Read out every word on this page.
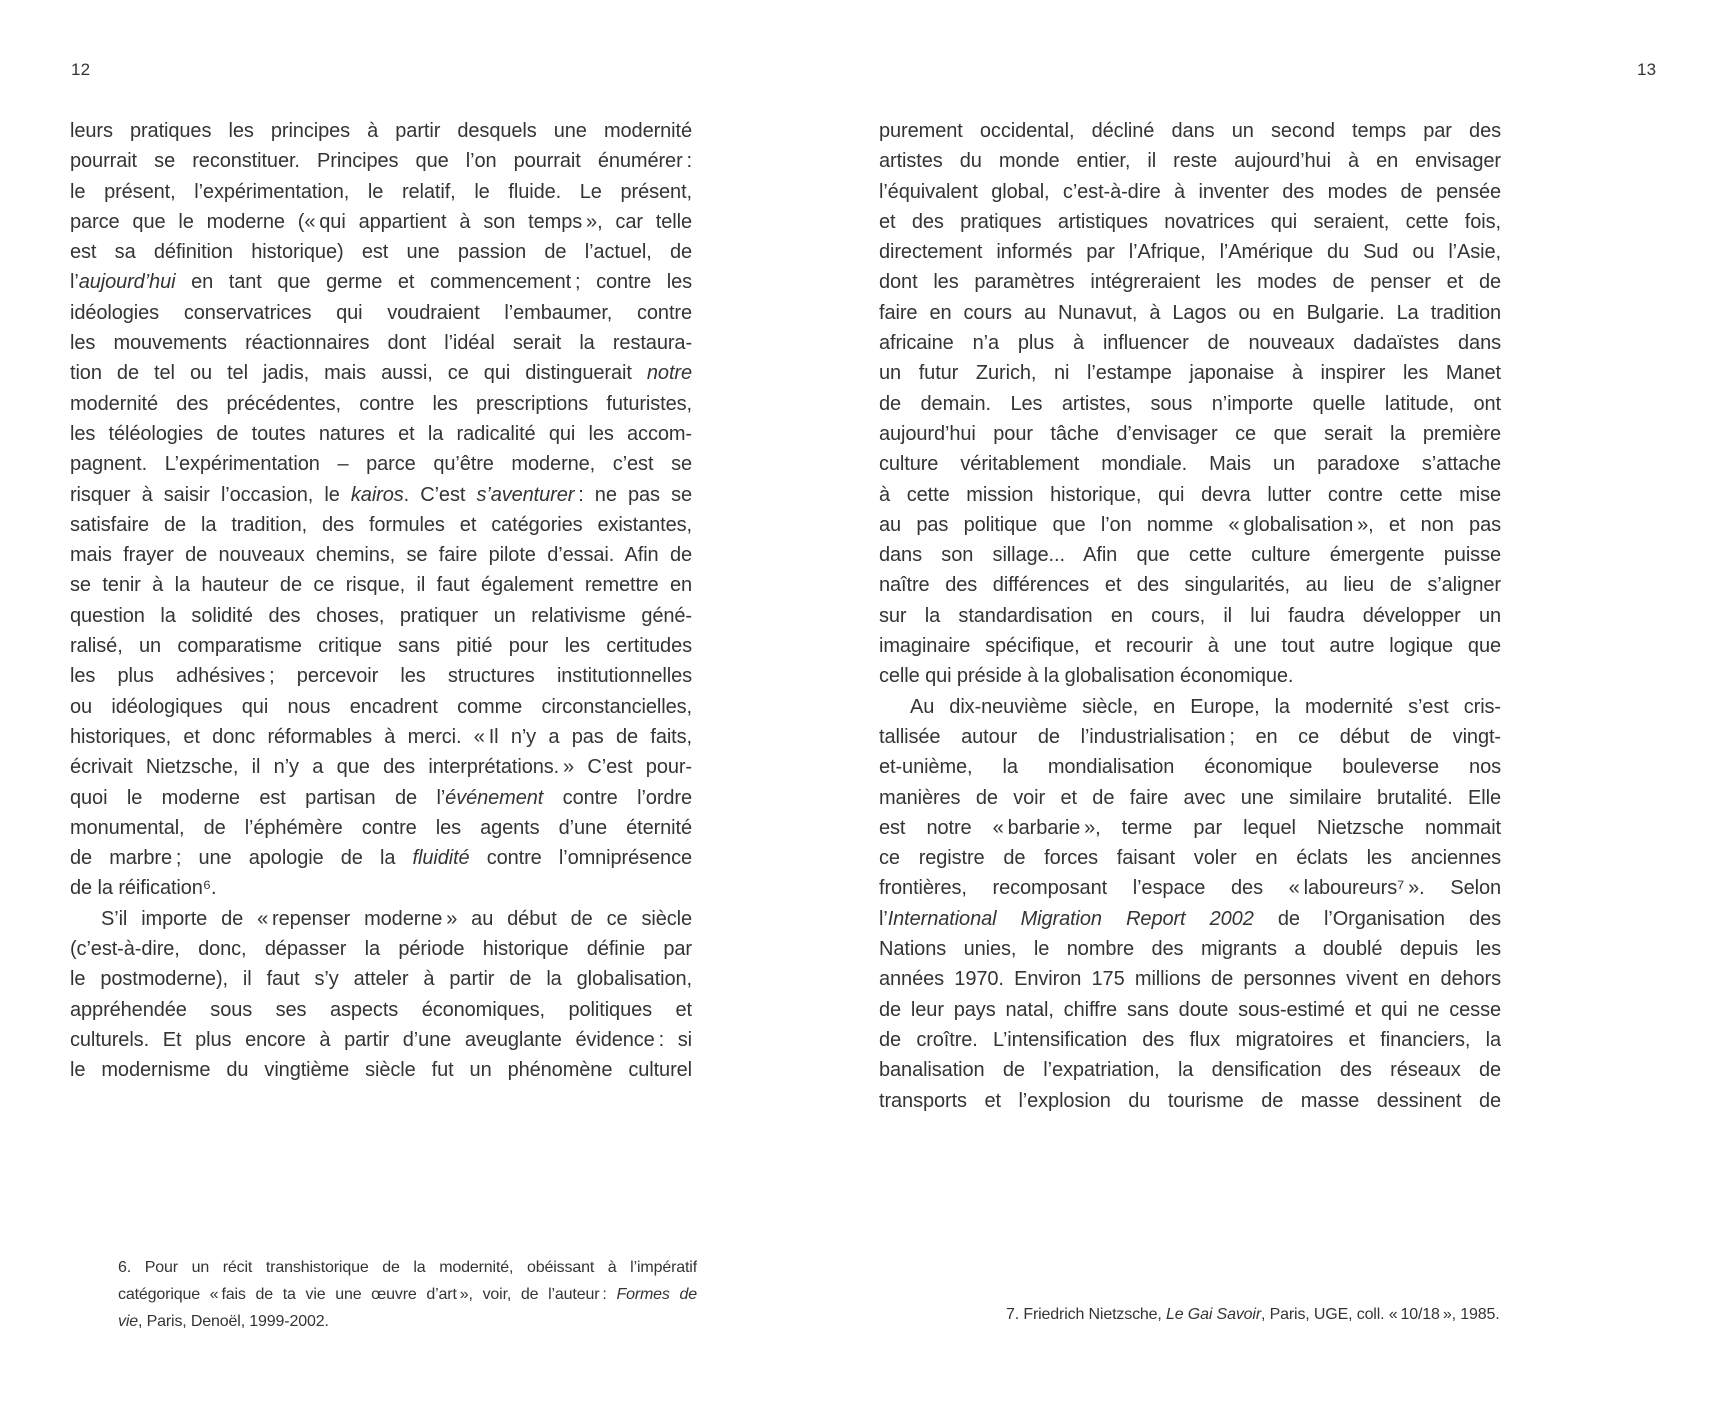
12	13
leurs pratiques les principes à partir desquels une modernité
pourrait se reconstituer. Principes que l’on pourrait énumérer :
le présent, l’expérimentation, le relatif, le fluide. Le présent,
parce que le moderne (« qui appartient à son temps », car telle
est sa définition historique) est une passion de l’actuel, de
l’aujourd’hui en tant que germe et commencement ; contre les
idéologies conservatrices qui voudraient l’embaumer, contre
les mouvements réactionnaires dont l’idéal serait la restaura-
tion de tel ou tel jadis, mais aussi, ce qui distinguerait notre
modernité des précédentes, contre les prescriptions futuristes,
les téléologies de toutes natures et la radicalité qui les accom-
pagnent. L’expérimentation – parce qu’être moderne, c’est se
risquer à saisir l’occasion, le kairos. C’est s’aventurer : ne pas se
satisfaire de la tradition, des formules et catégories existantes,
mais frayer de nouveaux chemins, se faire pilote d’essai. Afin de
se tenir à la hauteur de ce risque, il faut également remettre en
question la solidité des choses, pratiquer un relativisme géné-
ralisé, un comparatisme critique sans pitié pour les certitudes
les plus adhésives ; percevoir les structures institutionnelles
ou idéologiques qui nous encadrent comme circonstancielles,
historiques, et donc réformables à merci. « Il n’y a pas de faits,
écrivait Nietzsche, il n’y a que des interprétations. » C’est pour-
quoi le moderne est partisan de l’événement contre l’ordre
monumental, de l’éphémère contre les agents d’une éternité
de marbre ; une apologie de la fluidité contre l’omniprésence
de la réification⁶.
S’il importe de « repenser moderne » au début de ce siècle
(c’est-à-dire, donc, dépasser la période historique définie par
le postmoderne), il faut s’y atteler à partir de la globalisation,
appréhendée sous ses aspects économiques, politiques et
culturels. Et plus encore à partir d’une aveuglante évidence : si
le modernisme du vingtième siècle fut un phénomène culturel
purement occidental, décliné dans un second temps par des
artistes du monde entier, il reste aujourd’hui à en envisager
l’équivalent global, c’est-à-dire à inventer des modes de pensée
et des pratiques artistiques novatrices qui seraient, cette fois,
directement informés par l’Afrique, l’Amérique du Sud ou l’Asie,
dont les paramètres intégreraient les modes de penser et de
faire en cours au Nunavut, à Lagos ou en Bulgarie. La tradition
africaine n’a plus à influencer de nouveaux dadaïstes dans
un futur Zurich, ni l’estampe japonaise à inspirer les Manet
de demain. Les artistes, sous n’importe quelle latitude, ont
aujourd’hui pour tâche d’envisager ce que serait la première
culture véritablement mondiale. Mais un paradoxe s’attache
à cette mission historique, qui devra lutter contre cette mise
au pas politique que l’on nomme « globalisation », et non pas
dans son sillage... Afin que cette culture émergente puisse
naître des différences et des singularités, au lieu de s’aligner
sur la standardisation en cours, il lui faudra développer un
imaginaire spécifique, et recourir à une tout autre logique que
celle qui préside à la globalisation économique.
Au dix-neuvième siècle, en Europe, la modernité s’est cris-
tallisée autour de l’industrialisation ; en ce début de vingt-
et-unième, la mondialisation économique bouleverse nos
manières de voir et de faire avec une similaire brutalité. Elle
est notre « barbarie », terme par lequel Nietzsche nommait
ce registre de forces faisant voler en éclats les anciennes
frontières, recomposant l’espace des « laboureurs⁷ ». Selon
l’International Migration Report 2002 de l’Organisation des
Nations unies, le nombre des migrants a doublé depuis les
années 1970. Environ 175 millions de personnes vivent en dehors
de leur pays natal, chiffre sans doute sous-estimé et qui ne cesse
de croître. L’intensification des flux migratoires et financiers, la
banalisation de l’expatriation, la densification des réseaux de
transports et l’explosion du tourisme de masse dessinent de
6. Pour un récit transhistorique de la modernité, obéissant à l’impératif
catégorique « fais de ta vie une œuvre d’art », voir, de l’auteur : Formes de
vie, Paris, Denoël, 1999-2002.	7. Friedrich Nietzsche, Le Gai Savoir, Paris, UGE, coll. « 10/18 », 1985.
